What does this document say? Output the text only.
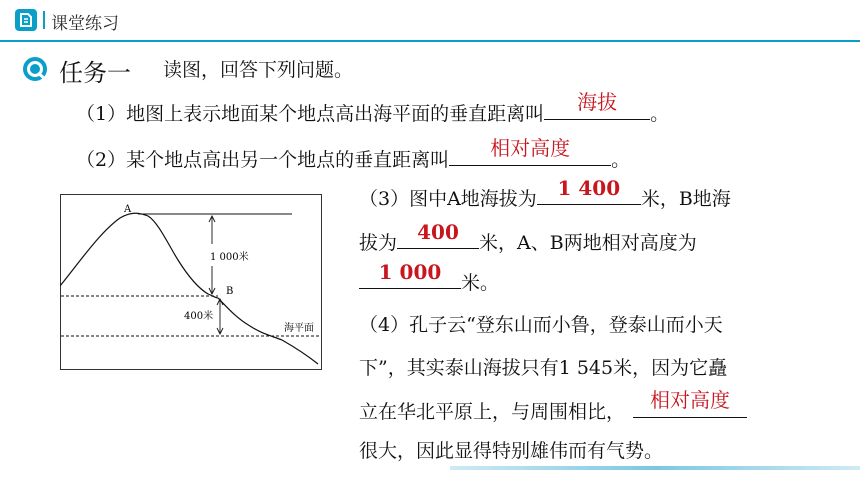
课堂练习
任务一 读图，回答下列问题。
（1）地图上表示地面某个地点高出海平面的垂直距离叫	海拔	。
（2）某个地点高出另一个地点的垂直距离叫	相对高度	。
A
B
1 000米
400米
海平面
（3）图中A地海拔为	1 400	米，B地海
拔为	400	米，A、B两地相对高度为
1 000	米。
（4）孔子云“登东山而小鲁，登泰山而小天
下”，其实泰山海拔只有1 545米，因为它矗
立在华北平原上，与周围相比，	相对高度
很大，因此显得特别雄伟而有气势。
